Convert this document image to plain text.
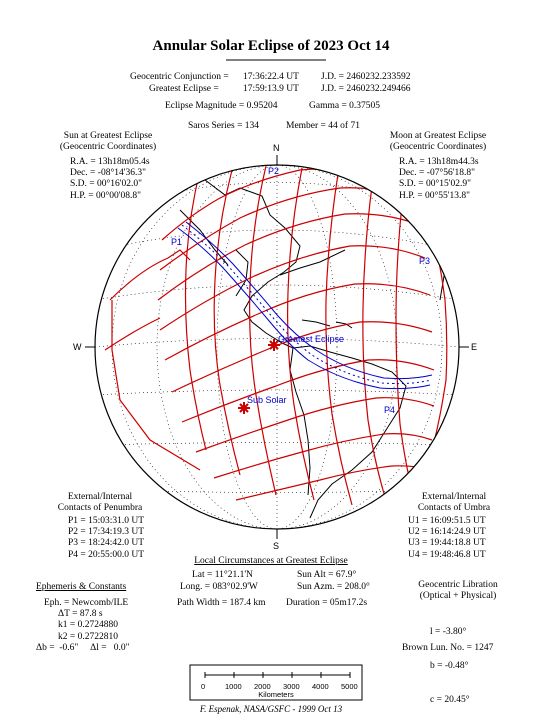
Annular Solar Eclipse of 2023 Oct 14
Geocentric Conjunction = 17:36:22.4 UT J.D. = 2460232.233592
Greatest Eclipse =	17:59:13.9 UT J.D. = 2460232.249466
Eclipse Magnitude = 0.95204	Gamma = 0.37505
Saros Series = 134	Member = 44 of 71
Sun at Greatest Eclipse
(Geocentric Coordinates)
R.A. = 13h18m05.4s
Dec. = -08°14'36.3"
S.D. = 00°16'02.0"
H.P. = 00°00'08.8"
Moon at Greatest Eclipse
(Geocentric Coordinates)
R.A. = 13h18m44.3s
Dec. = -07°56'18.8"
S.D. = 00°15'02.9"
H.P. = 00°55'13.8"
N
S
W	E
P1
P2
P3
P4
Greatest Eclipse
Sub Solar
External/Internal
Contacts of Penumbra
P1 = 15:03:31.0 UT
P2 = 17:34:19.3 UT
P3 = 18:24:42.0 UT
P4 = 20:55:00.0 UT
External/Internal
Contacts of Umbra
U1 = 16:09:51.5 UT
U2 = 16:14:24.9 UT
U3 = 19:44:18.8 UT
U4 = 19:48:46.8 UT
Local Circumstances at Greatest Eclipse
Lat = 11°21.1'N	Sun Alt = 67.9°
Long. = 083°02.9'W	Sun Azm. = 208.0°
Path Width = 187.4 km Duration = 05m17.2s
Ephemeris & Constants
Eph. = Newcomb/ILE
ΔT = 87.8 s
k1 = 0.2724880
k2 = 0.2722810
Δb =  -0.6"     Δl =   0.0"
Geocentric Libration
(Optical + Physical)

l = -3.80°

b = -0.48°

c = 20.45°

Brown Lun. No. = 1247
0	1000 2000 3000 4000 5000
Kilometers
F. Espenak, NASA/GSFC - 1999 Oct 13
